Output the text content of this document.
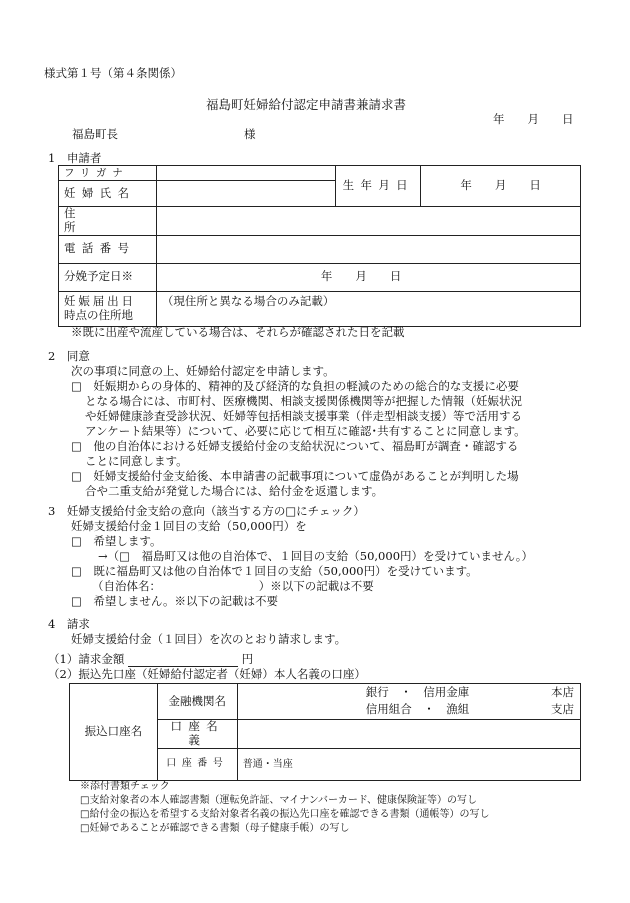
様式第１号（第４条関係）
福島町妊婦給付認定申請書兼請求書
年　　月　　日
福島町長	様
1　申請者
フリガナ		生年月日	年　　月　　日
妊婦氏名			
住所			
電話番号			
分娩予定日※	年　　月　　日		

妊娠届出日
時点の住所地	（現住所と異なる場合のみ記載）		
※既に出産や流産している場合は、それらが確認された日を記載
2　同意
次の事項に同意の上、妊婦給付認定を申請します。
□　妊娠期からの身体的、精神的及び経済的な負担の軽減のための総合的な支援に必要
となる場合には、市町村、医療機関、相談支援関係機関等が把握した情報（妊娠状況
や妊婦健康診査受診状況、妊婦等包括相談支援事業（伴走型相談支援）等で活用する
アンケート結果等）について、必要に応じて相互に確認･共有することに同意します。
□　他の自治体における妊婦支援給付金の支給状況について、福島町が調査・確認する
ことに同意します。
□　妊婦支援給付金支給後、本申請書の記載事項について虚偽があることが判明した場
合や二重支給が発覚した場合には、給付金を返還します。
3　妊婦支援給付金支給の意向（該当する方の□にチェック）
妊婦支援給付金１回目の支給（50,000円）を
□　希望します。
→（□　福島町又は他の自治体で、１回目の支給（50,000円）を受けていません。）
□　既に福島町又は他の自治体で１回目の支給（50,000円）を受けています。
（自治体名：　　　　　　　　　）※以下の記載は不要
□　希望しません。※以下の記載は不要
4　請求
妊婦支援給付金（１回目）を次のとおり請求します。
（1）請求金額	円
（2）振込先口座（妊婦給付認定者（妊婦）本人名義の口座）
振込口座名	金融機関名	銀行　・　信用金庫 本店
信用組合　・　漁組 支店

	口座名義	
	口座番号	普通・当座
※添付書類チェック
□支給対象者の本人確認書類（運転免許証、マイナンバーカード、健康保険証等）の写し
□給付金の振込を希望する支給対象者名義の振込先口座を確認できる書類（通帳等）の写し
□妊婦であることが確認できる書類（母子健康手帳）の写し
